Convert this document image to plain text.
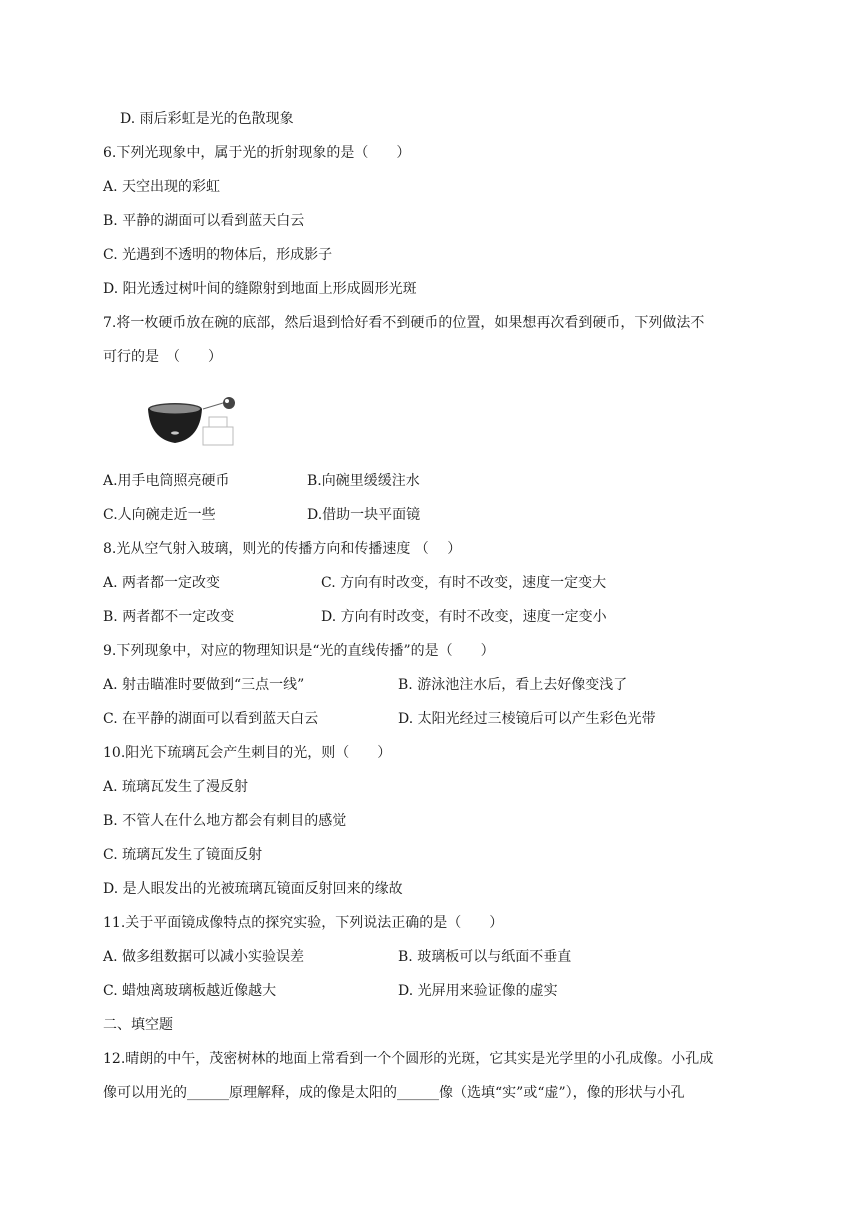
D. 雨后彩虹是光的色散现象
6.下列光现象中，属于光的折射现象的是（　　）
A. 天空出现的彩虹
B. 平静的湖面可以看到蓝天白云
C. 光遇到不透明的物体后，形成影子
D. 阳光透过树叶间的缝隙射到地面上形成圆形光斑
7.将一枚硬币放在碗的底部，然后退到恰好看不到硬币的位置，如果想再次看到硬币，下列做法不
可行的是　（　　）
A.用手电筒照亮硬币	B.向碗里缓缓注水
C.人向碗走近一些	D.借助一块平面镜
8.光从空气射入玻璃，则光的传播方向和传播速度 （　 ）
A. 两者都一定改变	C. 方向有时改变，有时不改变，速度一定变大
B. 两者都不一定改变	D. 方向有时改变，有时不改变，速度一定变小
9.下列现象中，对应的物理知识是“光的直线传播”的是（　　）
A. 射击瞄准时要做到“三点一线”	B. 游泳池注水后，看上去好像变浅了
C. 在平静的湖面可以看到蓝天白云	D. 太阳光经过三棱镜后可以产生彩色光带
10.阳光下琉璃瓦会产生刺目的光，则（　　）
A. 琉璃瓦发生了漫反射
B. 不管人在什么地方都会有刺目的感觉
C. 琉璃瓦发生了镜面反射
D. 是人眼发出的光被琉璃瓦镜面反射回来的缘故
11.关于平面镜成像特点的探究实验，下列说法正确的是（　　）
A. 做多组数据可以减小实验误差	B. 玻璃板可以与纸面不垂直
C. 蜡烛离玻璃板越近像越大	D. 光屏用来验证像的虚实
二、填空题
12.晴朗的中午，茂密树林的地面上常看到一个个圆形的光斑，它其实是光学里的小孔成像。小孔成
像可以用光的______原理解释，成的像是太阳的______像（选填“实”或“虚”），像的形状与小孔
